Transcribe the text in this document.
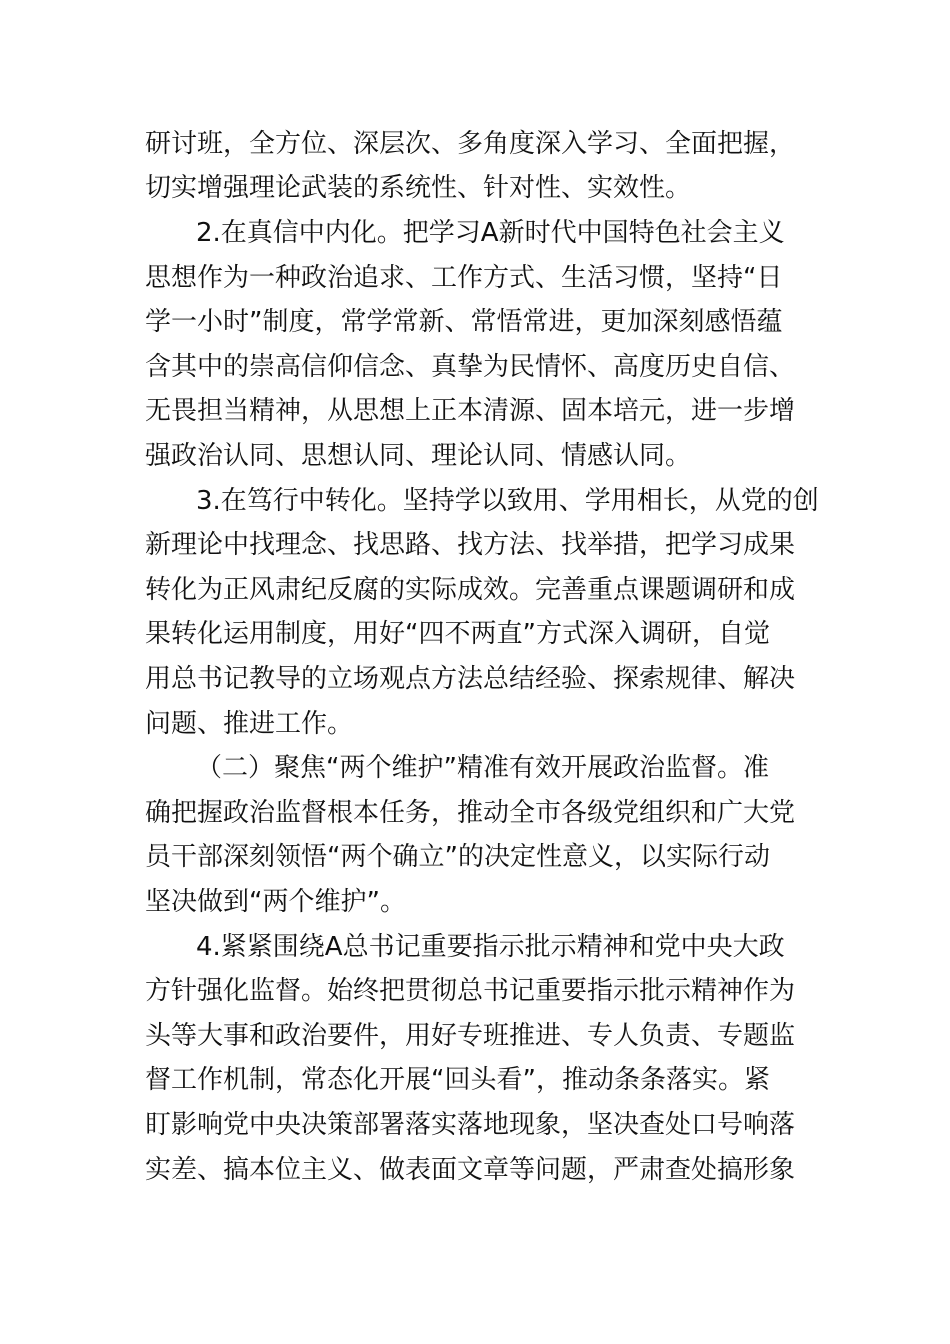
研讨班，全方位、深层次、多角度深入学习、全面把握，
切实增强理论武装的系统性、针对性、实效性。
2.在真信中内化。把学习A新时代中国特色社会主义
思想作为一种政治追求、工作方式、生活习惯，坚持“日
学一小时”制度，常学常新、常悟常进，更加深刻感悟蕴
含其中的崇高信仰信念、真挚为民情怀、高度历史自信、
无畏担当精神，从思想上正本清源、固本培元，进一步增
强政治认同、思想认同、理论认同、情感认同。
3.在笃行中转化。坚持学以致用、学用相长，从党的创
新理论中找理念、找思路、找方法、找举措，把学习成果
转化为正风肃纪反腐的实际成效。完善重点课题调研和成
果转化运用制度，用好“四不两直”方式深入调研，自觉
用总书记教导的立场观点方法总结经验、探索规律、解决
问题、推进工作。
（二）聚焦“两个维护”精准有效开展政治监督。准
确把握政治监督根本任务，推动全市各级党组织和广大党
员干部深刻领悟“两个确立”的决定性意义，以实际行动
坚决做到“两个维护”。
4.紧紧围绕A总书记重要指示批示精神和党中央大政
方针强化监督。始终把贯彻总书记重要指示批示精神作为
头等大事和政治要件，用好专班推进、专人负责、专题监
督工作机制，常态化开展“回头看”，推动条条落实。紧
盯影响党中央决策部署落实落地现象，坚决查处口号响落
实差、搞本位主义、做表面文章等问题，严肃查处搞形象
